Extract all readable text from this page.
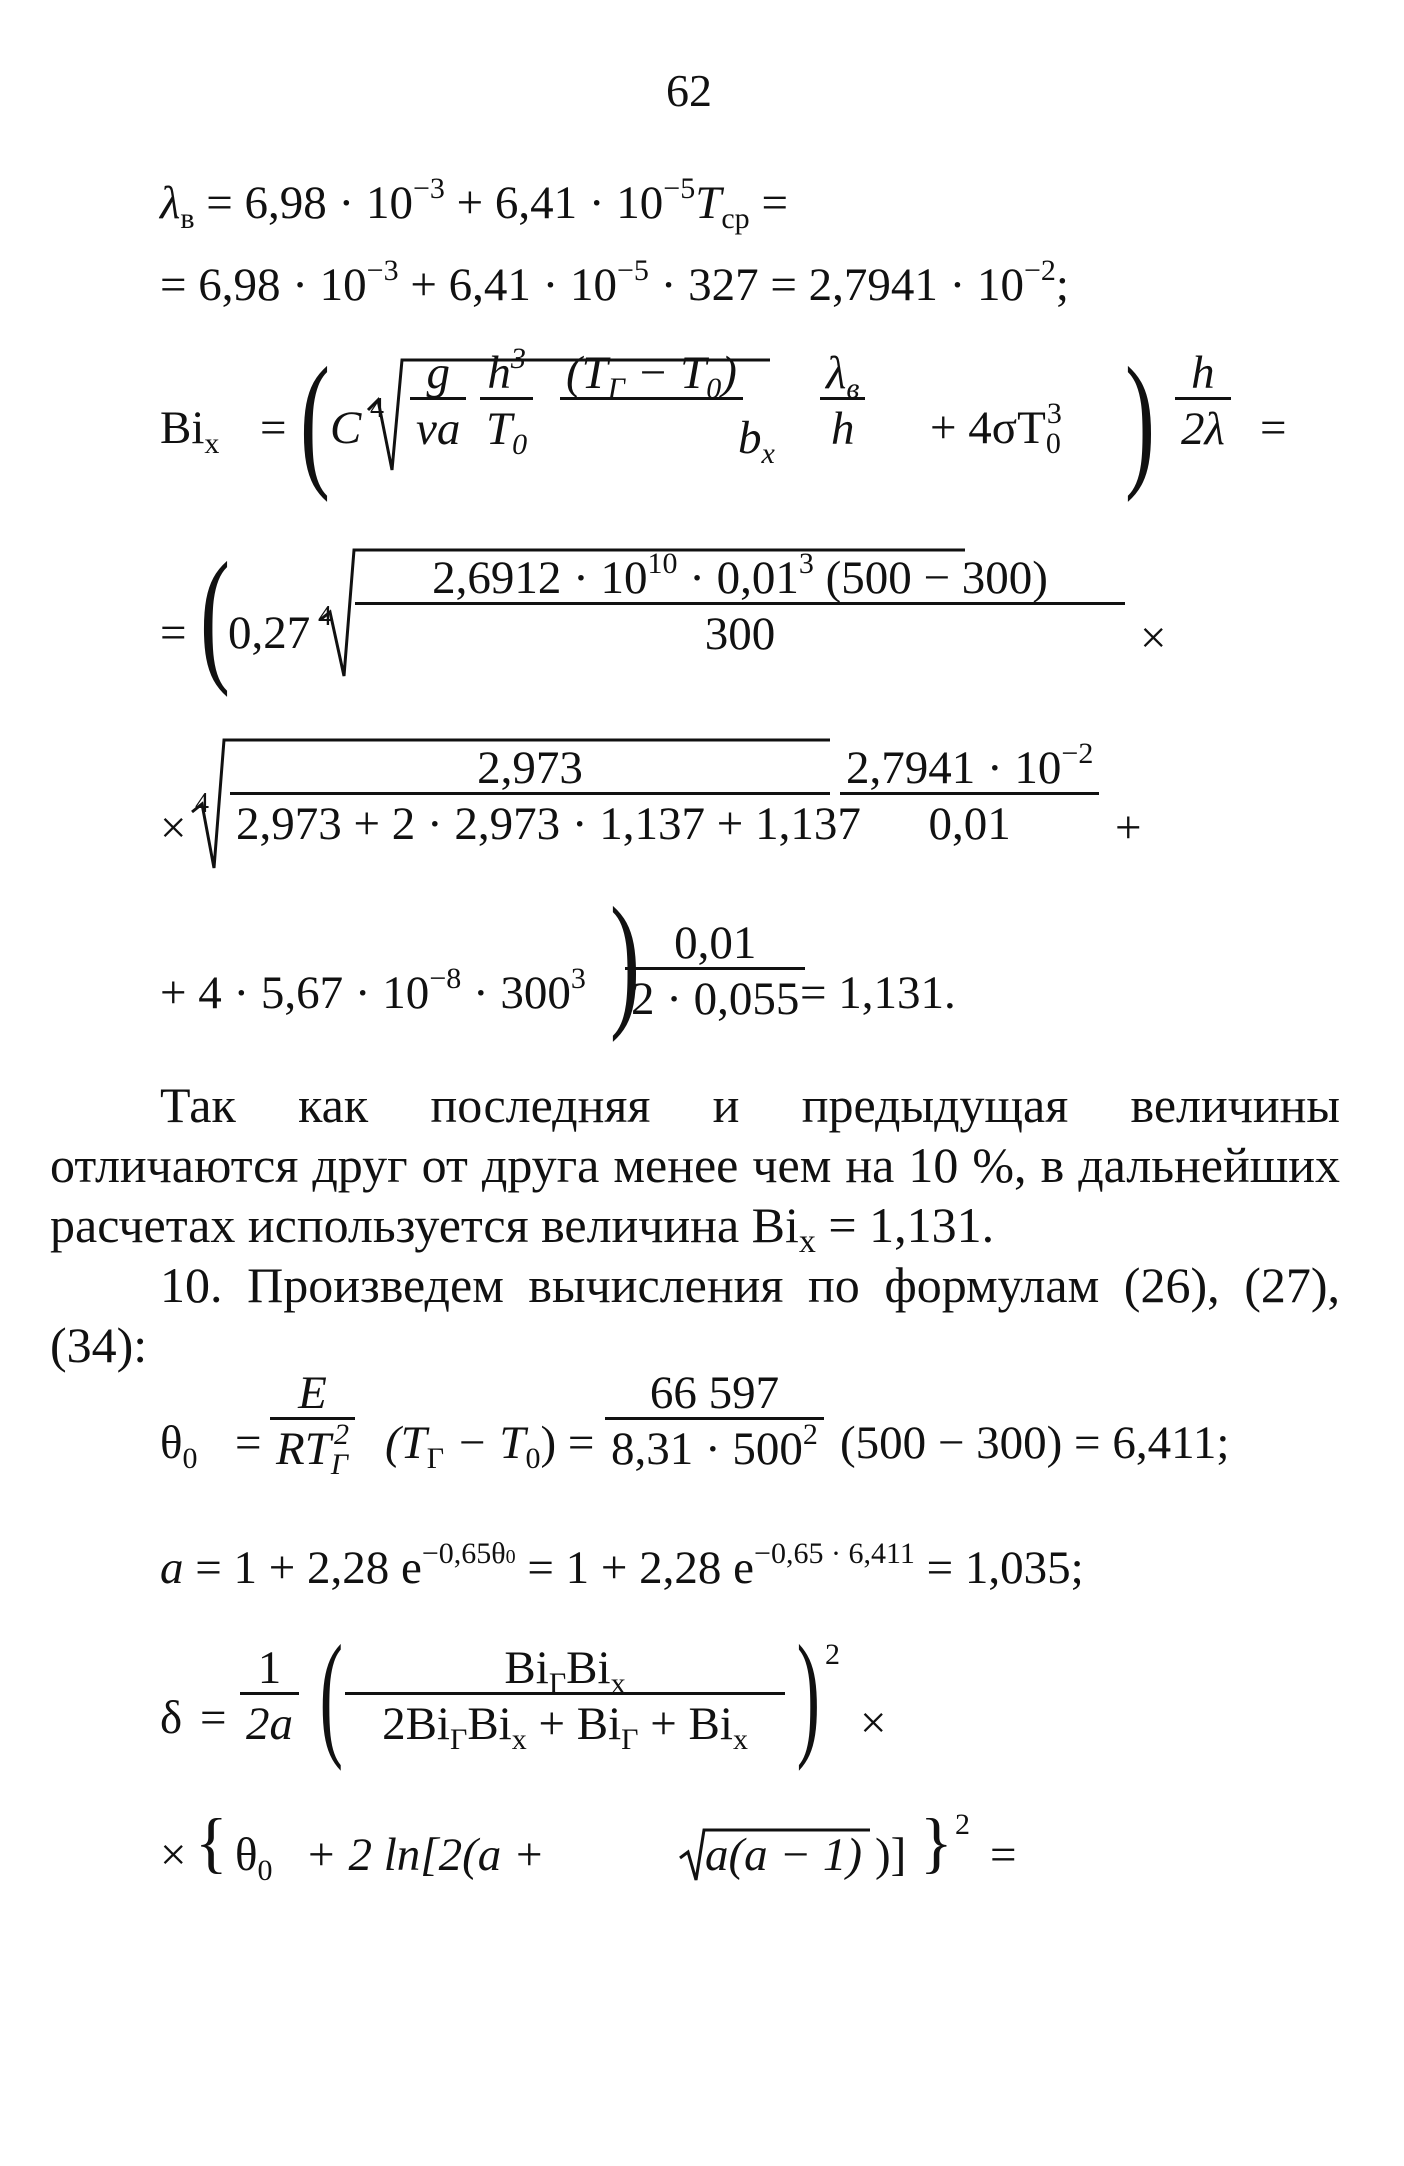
62
$\lambda_в = 6,98 \cdot 10^{-3} + 6,41 \cdot 10^{-5}T_{ср}$ =
= $6,98 \cdot 10^{-3} + 6,41 \cdot 10^{-5} \cdot 327 = 2,7941 \cdot 10^{-2}$;
$Bi_x$ = ( C $4 \frac{g}{\nu a} \frac{h^3}{T_0} (T_Г - T_0)$

$b_x$
$\lambda_в$
$h + 4\sigma T_0^3$ ) $\frac{h}{2\lambda}$ =
= (
0,27 $4 \frac{2,6912 \cdot 10^{10} \cdot 0,01^3 (500 - 300)}{300}$ ×
× $4 \frac{2,973}{2,973 + 2 \cdot 2,973 \cdot 1,137 + 1,137} \frac{2,7941 \cdot 10^{-2}}{0,01}$ +
+ $4 \cdot 5,67 \cdot 10^{-8} \cdot 300^3$ )
$\frac{0,01}{2 \cdot 0,055}$
= 1,131.
Так как последняя и предыдущая величины отличаются друг от друга менее чем на 10 %, в дальнейших расчетах используется величина $Bi_x = 1,131$.
10. Произведем вычисления по формулам (26), (27), (34):
$\theta_0$ =
E
$RT_Г^2$ $(T_Г - T_0) = \frac{66 597}{8,31 \cdot 500^2} (500 - 300) = 6,411$;
a = 1 + 2,28 $e^{-0,65\theta 0} = 1 + 2,28$ $e^{-0,65 \cdot 6,411} = 1,035$;
$\delta = \frac{1}{2a}$ (	$Bi_ГBi_x$
$2Bi_ГBi_x + Bi_Г + Bi_x$ ) 2
×
× { $\theta_0 + 2$ ln[2(a +	a(a − 1) )] } 2
=
